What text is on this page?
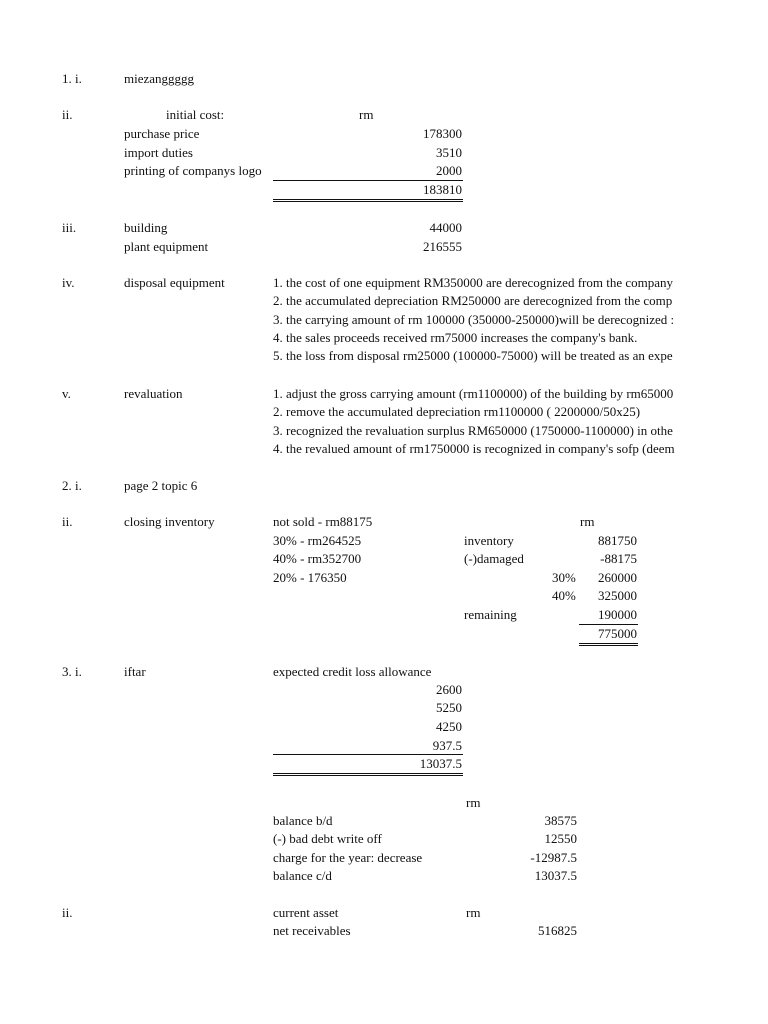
1. i.	miezanggggg
ii.	initial cost:	rm
purchase price	178300
import duties	3510
printing of companys logo	2000
183810
iii.	building	44000
plant equipment	216555
iv.	disposal equipment	1. the cost of one equipment RM350000 are derecognized from the company
2. the accumulated depreciation RM250000 are derecognized from the comp
3. the carrying amount of rm 100000 (350000-250000)will be derecognized :
4. the sales proceeds received rm75000 increases the company's bank.
5. the loss from disposal rm25000 (100000-75000) will be treated as an expe
v.	revaluation	1. adjust the gross carrying amount (rm1100000) of the building by rm65000
2. remove the accumulated depreciation rm1100000 ( 2200000/50x25)
3. recognized the revaluation surplus RM650000 (1750000-1100000) in othe
4. the revalued amount of rm1750000 is recognized in company's sofp (deem
2. i.	page 2 topic 6
ii.	closing inventory	not sold - rm88175
30% - rm264525
40% - rm352700
20% - 176350
rm
inventory	881750
(-)damaged	-88175
30%	260000
40%	325000
remaining	190000
775000
3. i.	iftar	expected credit loss allowance
2600
5250
4250
937.5
13037.5
rm
balance b/d	38575
(-) bad debt write off	12550
charge for the year: decrease	-12987.5
balance c/d	13037.5
ii.	current asset	rm
net receivables	516825
